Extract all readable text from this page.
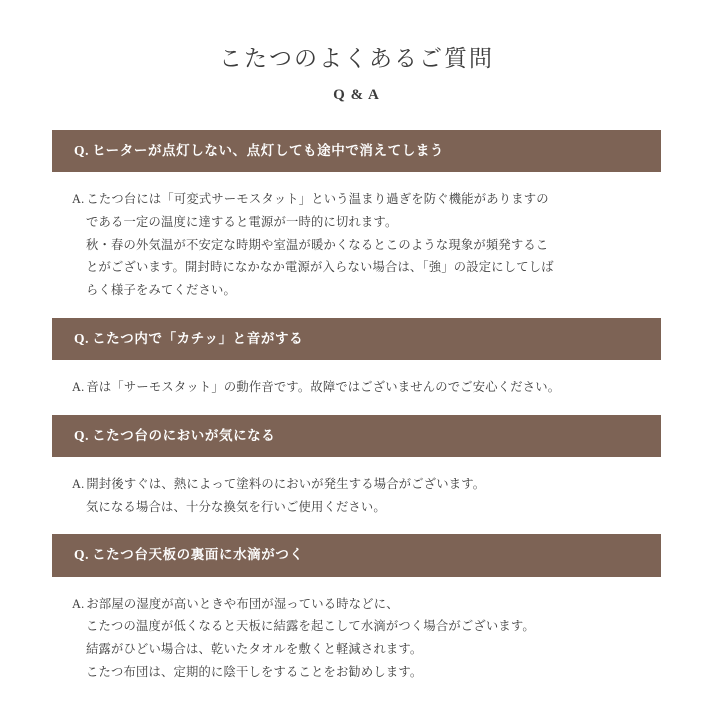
こたつのよくあるご質問
Q & A
Q. ヒーターが点灯しない、点灯しても途中で消えてしまう
A. こたつ台には「可変式サーモスタット」という温まり過ぎを防ぐ機能がありますの
である一定の温度に達すると電源が一時的に切れます。
秋・春の外気温が不安定な時期や室温が暖かくなるとこのような現象が頻発するこ
とがございます。開封時になかなか電源が入らない場合は、「強」の設定にしてしば
らく様子をみてください。
Q. こたつ内で「カチッ」と音がする
A. 音は「サーモスタット」の動作音です。故障ではございませんのでご安心ください。
Q. こたつ台のにおいが気になる
A. 開封後すぐは、熱によって塗料のにおいが発生する場合がございます。
気になる場合は、十分な換気を行いご使用ください。
Q. こたつ台天板の裏面に水滴がつく
A. お部屋の湿度が高いときや布団が湿っている時などに、
こたつの温度が低くなると天板に結露を起こして水滴がつく場合がございます。
結露がひどい場合は、乾いたタオルを敷くと軽減されます。
こたつ布団は、定期的に陰干しをすることをお勧めします。
